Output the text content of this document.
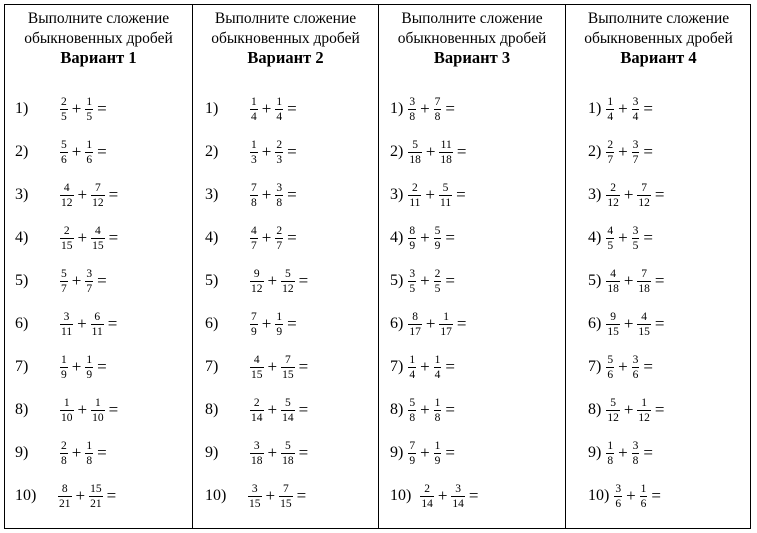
Выполните сложение обыкновенных дробей
Вариант 1
1)	$\frac{2}{5} + \frac{1}{5}$ =
2)	$\frac{5}{6} + \frac{1}{6}$ =
3)	$\frac{4}{12} + \frac{7}{12}$ =
4)	$\frac{2}{15} + \frac{4}{15}$ =
5)	$\frac{5}{7} + \frac{3}{7}$ =
6)	$\frac{3}{11} + \frac{6}{11}$ =
7)	$\frac{1}{9} + \frac{1}{9}$ =
8)	$\frac{1}{10} + \frac{1}{10}$ =
9)	$\frac{2}{8} + \frac{1}{8}$ =
10)	$\frac{8}{21} + \frac{15}{21}$ =
Выполните сложение обыкновенных дробей
Вариант 2
1)	$\frac{1}{4} + \frac{1}{4}$ =
2)	$\frac{1}{3} + \frac{2}{3}$ =
3)	$\frac{7}{8} + \frac{3}{8}$ =
4)	$\frac{4}{7} + \frac{2}{7}$ =
5)	$\frac{9}{12} + \frac{5}{12}$ =
6)	$\frac{7}{9} + \frac{1}{9}$ =
7)	$\frac{4}{15} + \frac{7}{15}$ =
8)	$\frac{2}{14} + \frac{5}{14}$ =
9)	$\frac{3}{18} + \frac{5}{18}$ =
10)	$\frac{3}{15} + \frac{7}{15}$ =
Выполните сложение обыкновенных дробей
Вариант 3
$1) \frac{3}{8} + \frac{7}{8}$ =
$2) \frac{5}{18} + \frac{11}{18}$ =
$3) \frac{2}{11} + \frac{5}{11}$ =
$4) \frac{8}{9} + \frac{5}{9}$ =
$5) \frac{3}{5} + \frac{2}{5}$ =
$6) \frac{8}{17} + \frac{1}{17}$ =
$7) \frac{1}{4} + \frac{1}{4}$ =
$8) \frac{5}{8} + \frac{1}{8}$ =
$9) \frac{7}{9} + \frac{1}{9}$ =
$10) \frac{2}{14} + \frac{3}{14}$ =
Выполните сложение обыкновенных дробей
Вариант 4
$1) \frac{1}{4} + \frac{3}{4}$ =
$2) \frac{2}{7} + \frac{3}{7}$ =
$3) \frac{2}{12} + \frac{7}{12}$ =
$4) \frac{4}{5} + \frac{3}{5}$ =
$5) \frac{4}{18} + \frac{7}{18}$ =
$6) \frac{9}{15} + \frac{4}{15}$ =
$7) \frac{5}{6} + \frac{3}{6}$ =
$8) \frac{5}{12} + \frac{1}{12}$ =
$9) \frac{1}{8} + \frac{3}{8}$ =
$10) \frac{3}{6} + \frac{1}{6}$ =
